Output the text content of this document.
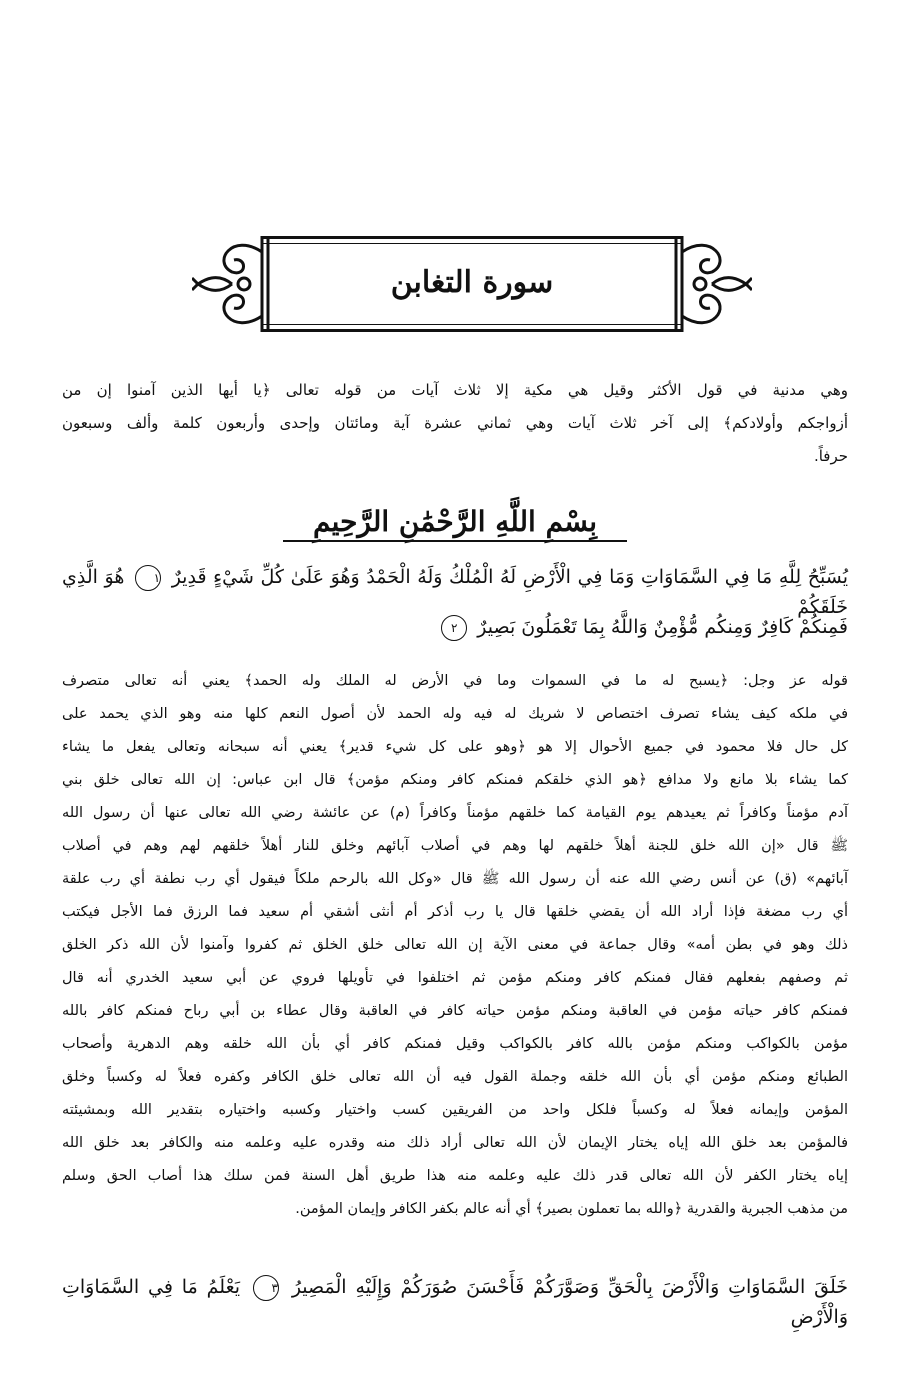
سورة التغابن
وهي مدنية في قول الأكثر وقيل هي مكية إلا ثلاث آيات من قوله تعالى ﴿يا أيها الذين آمنوا إن من
أزواجكم وأولادكم﴾ إلى آخر ثلاث آيات وهي ثماني عشرة آية ومائتان وإحدى وأربعون كلمة وألف وسبعون
حرفاً.
بِسْمِ اللَّهِ الرَّحْمَٰنِ الرَّحِيمِ
يُسَبِّحُ لِلَّهِ مَا فِي السَّمَاوَاتِ وَمَا فِي الْأَرْضِ لَهُ الْمُلْكُ وَلَهُ الْحَمْدُ وَهُوَ عَلَىٰ كُلِّ شَيْءٍ قَدِيرٌ ١ هُوَ الَّذِي خَلَقَكُمْ
فَمِنكُمْ كَافِرٌ وَمِنكُم مُّؤْمِنٌ وَاللَّهُ بِمَا تَعْمَلُونَ بَصِيرٌ ٢
قوله عز وجل: ﴿يسبح له ما في السموات وما في الأرض له الملك وله الحمد﴾ يعني أنه تعالى متصرف
في ملكه كيف يشاء تصرف اختصاص لا شريك له فيه وله الحمد لأن أصول النعم كلها منه وهو الذي يحمد على
كل حال فلا محمود في جميع الأحوال إلا هو ﴿وهو على كل شيء قدير﴾ يعني أنه سبحانه وتعالى يفعل ما يشاء
كما يشاء بلا مانع ولا مدافع ﴿هو الذي خلقكم فمنكم كافر ومنكم مؤمن﴾ قال ابن عباس: إن الله تعالى خلق بني
آدم مؤمناً وكافراً ثم يعيدهم يوم القيامة كما خلقهم مؤمناً وكافراً (م) عن عائشة رضي الله تعالى عنها أن رسول الله
ﷺ قال «إن الله خلق للجنة أهلاً خلقهم لها وهم في أصلاب آبائهم وخلق للنار أهلاً خلقهم لهم وهم في أصلاب
آبائهم» (ق) عن أنس رضي الله عنه أن رسول الله ﷺ قال «وكل الله بالرحم ملكاً فيقول أي رب نطفة أي رب علقة
أي رب مضغة فإذا أراد الله أن يقضي خلقها قال يا رب أذكر أم أنثى أشقي أم سعيد فما الرزق فما الأجل فيكتب
ذلك وهو في بطن أمه» وقال جماعة في معنى الآية إن الله تعالى خلق الخلق ثم كفروا وآمنوا لأن الله ذكر الخلق
ثم وصفهم بفعلهم فقال فمنكم كافر ومنكم مؤمن ثم اختلفوا في تأويلها فروي عن أبي سعيد الخدري أنه قال
فمنكم كافر حياته مؤمن في العاقبة ومنكم مؤمن حياته كافر في العاقبة وقال عطاء بن أبي رباح فمنكم كافر بالله
مؤمن بالكواكب ومنكم مؤمن بالله كافر بالكواكب وقيل فمنكم كافر أي بأن الله خلقه وهم الدهرية وأصحاب
الطبائع ومنكم مؤمن أي بأن الله خلقه وجملة القول فيه أن الله تعالى خلق الكافر وكفره فعلاً له وكسباً وخلق
المؤمن وإيمانه فعلاً له وكسباً فلكل واحد من الفريقين كسب واختيار وكسبه واختياره بتقدير الله وبمشيئته
فالمؤمن بعد خلق الله إياه يختار الإيمان لأن الله تعالى أراد ذلك منه وقدره عليه وعلمه منه والكافر بعد خلق الله
إياه يختار الكفر لأن الله تعالى قدر ذلك عليه وعلمه منه هذا طريق أهل السنة فمن سلك هذا أصاب الحق وسلم
من مذهب الجبرية والقدرية ﴿والله بما تعملون بصير﴾ أي أنه عالم بكفر الكافر وإيمان المؤمن.
خَلَقَ السَّمَاوَاتِ وَالْأَرْضَ بِالْحَقِّ وَصَوَّرَكُمْ فَأَحْسَنَ صُوَرَكُمْ وَإِلَيْهِ الْمَصِيرُ ٣ يَعْلَمُ مَا فِي السَّمَاوَاتِ وَالْأَرْضِ
